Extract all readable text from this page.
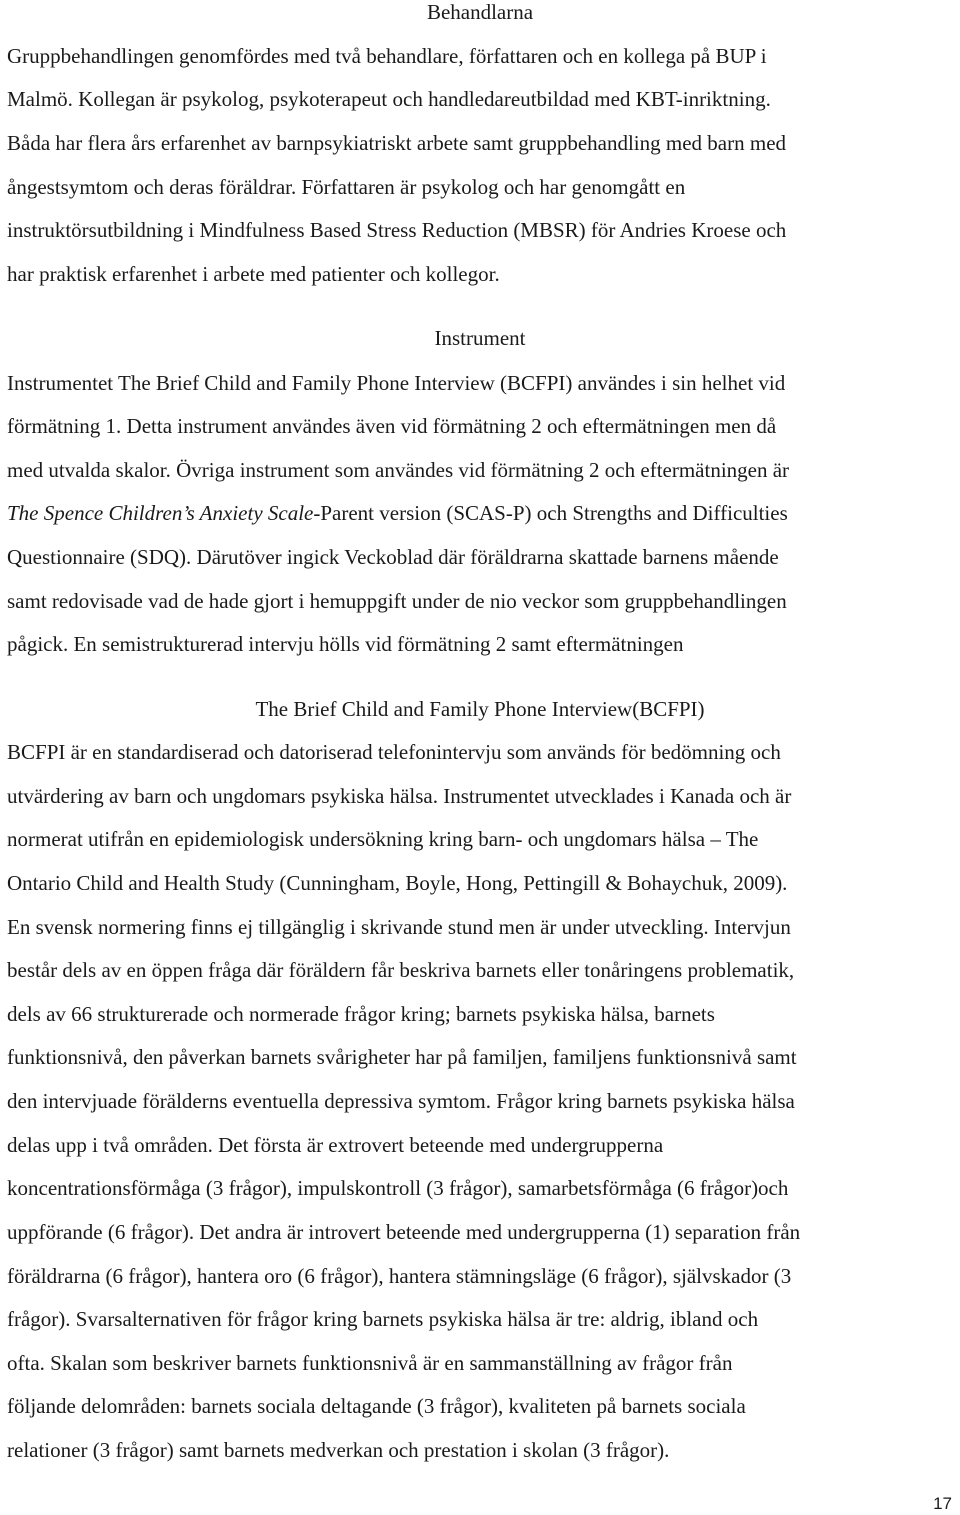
Behandlarna
Gruppbehandlingen genomfördes med två behandlare, författaren och en kollega på BUP i
Malmö. Kollegan är psykolog, psykoterapeut och handledareutbildad med KBT-inriktning.
Båda har flera års erfarenhet av barnpsykiatriskt arbete samt gruppbehandling med barn med
ångestsymtom och deras föräldrar. Författaren är psykolog och har genomgått en
instruktörsutbildning i Mindfulness Based Stress Reduction (MBSR) för Andries Kroese och
har praktisk erfarenhet i arbete med patienter och kollegor.
Instrument
Instrumentet The Brief Child and Family Phone Interview (BCFPI) användes i sin helhet vid
förmätning 1. Detta instrument användes även vid förmätning 2 och eftermätningen men då
med utvalda skalor. Övriga instrument som användes vid förmätning 2 och eftermätningen är
The Spence Children’s Anxiety Scale-Parent version (SCAS-P) och Strengths and Difficulties
Questionnaire (SDQ). Därutöver ingick Veckoblad där föräldrarna skattade barnens mående
samt redovisade vad de hade gjort i hemuppgift under de nio veckor som gruppbehandlingen
pågick. En semistrukturerad intervju hölls vid förmätning 2 samt eftermätningen
The Brief Child and Family Phone Interview(BCFPI)
BCFPI är en standardiserad och datoriserad telefonintervju som används för bedömning och
utvärdering av barn och ungdomars psykiska hälsa. Instrumentet utvecklades i Kanada och är
normerat utifrån en epidemiologisk undersökning kring barn- och ungdomars hälsa – The
Ontario Child and Health Study (Cunningham, Boyle, Hong, Pettingill & Bohaychuk, 2009).
En svensk normering finns ej tillgänglig i skrivande stund men är under utveckling. Intervjun
består dels av en öppen fråga där föräldern får beskriva barnets eller tonåringens problematik,
dels av 66 strukturerade och normerade frågor kring; barnets psykiska hälsa, barnets
funktionsnivå, den påverkan barnets svårigheter har på familjen, familjens funktionsnivå samt
den intervjuade förälderns eventuella depressiva symtom. Frågor kring barnets psykiska hälsa
delas upp i två områden. Det första är extrovert beteende med undergrupperna
koncentrationsförmåga (3 frågor), impulskontroll (3 frågor), samarbetsförmåga (6 frågor)och
uppförande (6 frågor). Det andra är introvert beteende med undergrupperna (1) separation från
föräldrarna (6 frågor), hantera oro (6 frågor), hantera stämningsläge (6 frågor), självskador (3
frågor). Svarsalternativen för frågor kring barnets psykiska hälsa är tre: aldrig, ibland och
ofta. Skalan som beskriver barnets funktionsnivå är en sammanställning av frågor från
följande delområden: barnets sociala deltagande (3 frågor), kvaliteten på barnets sociala
relationer (3 frågor) samt barnets medverkan och prestation i skolan (3 frågor).
17
